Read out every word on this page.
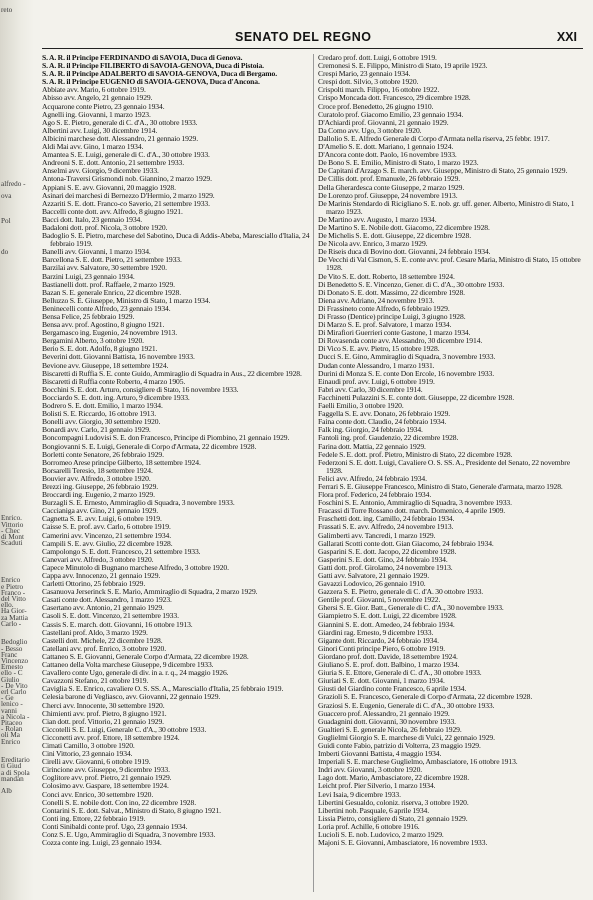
reto
alfredo -
ova
Pol
do
Enrico.
Vittorio
- Chec
di Mont
Scaduti
Enrico
e Pietro
Franco -
del Vitto
ello.
Ha Gior-
za Mattia
Carlo -
Bedoglio
- Besso
Franc
Vincenzo
Ernesto
ello - C
Giulio
- De Vito
erl Carlo
- Ge
lenico -
vanni
a Nicola -
Pitaceo
- Rolan
oli Ma
Enrico
Ereditario
ti Giud
a di Spola
mandan
Alb
SENATO DEL REGNO	XXI
S. A. R. il Principe FERDINANDO di SAVOIA, Duca di Genova.
S. A. R. il Principe FILIBERTO di SAVOIA-GENOVA, Duca di Pistoia.
S. A. R. il Principe ADALBERTO di SAVOIA-GENOVA, Duca di Bergamo.
S. A. R. il Principe EUGENIO di SAVOIA-GENOVA, Duca d'Ancona.
Abbiate avv. Mario, 6 ottobre 1919.
Abisso avv. Angelo, 21 gennaio 1929.
Acquarone conte Pietro, 23 gennaio 1934.
Agnelli ing. Giovanni, 1 marzo 1923.
Ago S. E. Pietro, generale di C. d'A., 30 ottobre 1933.
Albertini avv. Luigi, 30 dicembre 1914.
Albicini marchese dott. Alessandro, 21 gennaio 1929.
Aldi Mai avv. Gino, 1 marzo 1934.
Amantea S. E. Luigi, generale di C. d'A., 30 ottobre 1933.
Andreoni S. E. dott. Antonio, 21 settembre 1933.
Anselmi avv. Giorgio, 9 dicembre 1933.
Antona-Traversi Grismondi nob. Giannino, 2 marzo 1929.
Appiani S. E. avv. Giovanni, 20 maggio 1928.
Asinari dei marchesi di Bernezzo D'Hermio, 2 marzo 1929.
Azzariti S. E. dott. Franco-co Saverio, 21 settembre 1933.
Baccelli conte dott. avv. Alfredo, 8 giugno 1921.
Bacci dott. Italo, 23 gennaio 1934.
Badaloni dott. prof. Nicola, 3 ottobre 1920.
Badoglio S. E. Pietro, marchese del Sabotino, Duca di Addis-Abeba, Maresciallo d'Italia, 24 febbraio 1919.
Banelli avv. Giovanni, 1 marzo 1934.
Barcellona S. E. dott. Pietro, 21 settembre 1933.
Barzilai avv. Salvatore, 30 settembre 1920.
Barzini Luigi, 23 gennaio 1934.
Bastianelli dott. prof. Raffaele, 2 marzo 1929.
Bazan S. E. generale Enrico, 22 dicembre 1928.
Belluzzo S. E. Giuseppe, Ministro di Stato, 1 marzo 1934.
Beninecelli conte Alfredo, 23 gennaio 1934.
Bensa Felice, 25 febbraio 1929.
Bensa avv. prof. Agostino, 8 giugno 1921.
Bergamasco ing. Eugenio, 24 novembre 1913.
Bergamini Alberto, 3 ottobre 1920.
Berio S. E. dott. Adolfo, 8 giugno 1921.
Beverini dott. Giovanni Battista, 16 novembre 1933.
Bevione avv. Giuseppe, 18 settembre 1924.
Biscaretti di Ruffia S. E. conte Guido, Ammiraglio di Squadra in Aus., 22 dicembre 1928.
Biscaretti di Ruffia conte Roberto, 4 marzo 1905.
Bocchini S. E. dott. Arturo, consigliere di Stato, 16 novembre 1933.
Bocciardo S. E. dott. ing. Arturo, 9 dicembre 1933.
Bodrero S. E. dott. Emilio, 1 marzo 1934.
Bolisti S. E. Riccardo, 16 ottobre 1913.
Bonelli avv. Giorgio, 30 settembre 1920.
Bonardi avv. Carlo, 21 gennaio 1929.
Boncompagni Ludovisi S. E. don Francesco, Principe di Piombino, 21 gennaio 1929.
Bongiovanni S. E. Luigi, Generale di Corpo d'Armata, 22 dicembre 1928.
Borletti conte Senatore, 26 febbraio 1929.
Borromeo Arese principe Gilberto, 18 settembre 1924.
Borsarelli Teresio, 18 settembre 1924.
Bouvier avv. Alfredo, 3 ottobre 1920.
Brezzi ing. Giuseppe, 26 febbraio 1929.
Broccardi ing. Eugenio, 2 marzo 1929.
Burzagli S. E. Ernesto, Ammiraglio di Squadra, 3 novembre 1933.
Caccianiga avv. Gino, 21 gennaio 1929.
Cagnetta S. E. avv. Luigi, 6 ottobre 1919.
Caisse S. E. prof. avv. Carlo, 6 ottobre 1919.
Camerini avv. Vincenzo, 21 settembre 1934.
Campili S. E. avv. Giulio, 22 dicembre 1928.
Campolongo S. E. dott. Francesco, 21 settembre 1933.
Canevari avv. Alfredo, 3 ottobre 1920.
Capece Minutolo di Bugnano marchese Alfredo, 3 ottobre 1920.
Cappa avv. Innocenzo, 21 gennaio 1929.
Carletti Ottorino, 25 febbraio 1929.
Casanuova Jerserinck S. E. Mario, Ammiraglio di Squadra, 2 marzo 1929.
Casati conte dott. Alessandro, 1 marzo 1923.
Casertano avv. Antonio, 21 gennaio 1929.
Casoli S. E. dott. Vincenzo, 21 settembre 1933.
Cassis S. E. march. dott. Giovanni, 16 ottobre 1913.
Castellani prof. Aldo, 3 marzo 1929.
Castelli dott. Michele, 22 dicembre 1928.
Catellani avv. prof. Enrico, 3 ottobre 1920.
Cattaneo S. E. Giovanni, Generale Corpo d'Armata, 22 dicembre 1928.
Cattaneo della Volta marchese Giuseppe, 9 dicembre 1933.
Cavallero conte Ugo, generale di div. in a. r. q., 24 maggio 1926.
Cavazzoni Stefano, 21 ottobre 1919.
Caviglia S. E. Enrico, cavaliere O. S. SS. A., Maresciallo d'Italia, 25 febbraio 1919.
Celesia barone di Vegliasco, avv. Giovanni, 22 gennaio 1929.
Cherci avv. Innocente, 30 settembre 1920.
Chimienti avv. prof. Pietro, 8 giugno 1921.
Cian dott. prof. Vittorio, 21 gennaio 1929.
Ciccotelli S. E. Luigi, Generale C. d'A., 30 ottobre 1933.
Cicconetti avv. prof. Ettore, 18 settembre 1924.
Cimati Camillo, 3 ottobre 1920.
Cini Vittorio, 23 gennaio 1934.
Cirelli avv. Giovanni, 6 ottobre 1919.
Cirincione avv. Giuseppe, 9 dicembre 1933.
Coglitore avv. prof. Pietro, 21 gennaio 1929.
Colosimo avv. Gaspare, 18 settembre 1924.
Conci avv. Enrico, 30 settembre 1920.
Conelli S. E. nobile dott. Con ino, 22 dicembre 1928.
Contarini S. E. dott. Salvat., Ministro di Stato, 8 giugno 1921.
Conti ing. Ettore, 22 febbraio 1919.
Conti Sinibaldi conte prof. Ugo, 23 gennaio 1934.
Conz S. E. Ugo, Ammiraglio di Squadra, 3 novembre 1933.
Cozza conte ing. Luigi, 23 gennaio 1934.
Credaro prof. dott. Luigi, 6 ottobre 1919.
Cremonesi S. E. Filippo, Ministro di Stato, 19 aprile 1923.
Crespi Mario, 23 gennaio 1934.
Crespi dott. Silvio, 3 ottobre 1920.
Crispolti march. Filippo, 16 ottobre 1922.
Crispo Moncada dott. Francesco, 29 dicembre 1928.
Croce prof. Benedetto, 26 giugno 1910.
Curatolo prof. Giacomo Emilio, 23 gennaio 1934.
D'Achiardi prof. Giovanni, 21 gennaio 1929.
Da Como avv. Ugo, 3 ottobre 1920.
Dallolio S. E. Alfredo Generale di Corpo d'Armata nella riserva, 25 febbr. 1917.
D'Amelio S. E. dott. Mariano, 1 gennaio 1924.
D'Ancora conte dott. Paolo, 16 novembre 1933.
De Bono S. E. Emilio, Ministro di Stato, 1 marzo 1923.
De Capitani d'Arzago S. E. march. avv. Giuseppe, Ministro di Stato, 25 gennaio 1929.
De Cillis dott. prof. Emanuele, 26 febbraio 1929.
Della Gherardesca conte Giuseppe, 2 marzo 1929.
De Lorenzo prof. Giuseppe, 24 novembre 1913.
De Marinis Stendardo di Ricigliano S. E. nob. gr. uff. gener. Alberto, Ministro di Stato, 1 marzo 1923.
De Martino avv. Augusto, 1 marzo 1934.
De Martino S. E. Nobile dott. Giacomo, 22 dicembre 1928.
De Michelis S. E. dott. Giuseppe, 22 dicembre 1928.
De Nicola avv. Enrico, 3 marzo 1929.
De Riseis duca di Bovino dott. Giovanni, 24 febbraio 1934.
De Vecchi di Val Cismon, S. E. conte avv. prof. Cesare Maria, Ministro di Stato, 15 ottobre 1928.
De Vito S. E. dott. Roberto, 18 settembre 1924.
Di Benedetto S. E. Vincenzo, Gener. di C. d'A., 30 ottobre 1933.
Di Donato S. E. dott. Massimo, 22 dicembre 1928.
Diena avv. Adriano, 24 novembre 1913.
Di Frassineto conte Alfredo, 6 febbraio 1929.
Di Frasso (Dentice) principe Luigi, 3 giugno 1928.
Di Marzo S. E. prof. Salvatore, 1 marzo 1934.
Di Mirafiori Guerrieri conte Gastone, 1 marzo 1934.
Di Rovasenda conte avv. Alessandro, 30 dicembre 1914.
Di Vico S. E. avv. Pietro, 15 ottobre 1928.
Ducci S. E. Gino, Ammiraglio di Squadra, 3 novembre 1933.
Dudan conte Alessandro, 1 marzo 1931.
Durini di Monza S. E. conte Don Ercole, 16 novembre 1933.
Einaudi prof. avv. Luigi, 6 ottobre 1919.
Fabri avv. Carlo, 30 dicembre 1914.
Facchinetti Pulazzini S. E. conte dott. Giuseppe, 22 dicembre 1928.
Faelli Emilio, 3 ottobre 1920.
Faggella S. E. avv. Donato, 26 febbraio 1929.
Faina conte dott. Claudio, 24 febbraio 1934.
Falk ing. Giorgio, 24 febbraio 1934.
Fantoli ing. prof. Gaudenzio, 22 dicembre 1928.
Farina dott. Mattia, 22 gennaio 1929.
Fedele S. E. dott. prof. Pietro, Ministro di Stato, 22 dicembre 1928.
Federzoni S. E. dott. Luigi, Cavaliere O. S. SS. A., Presidente del Senato, 22 novembre 1928.
Felici avv. Alfredo, 24 febbraio 1934.
Ferrari S. E. Giuseppe Francesco, Ministro di Stato, Generale d'armata, marzo 1928.
Flora prof. Federico, 24 febbraio 1934.
Foschini S. E. Antonio, Ammiraglio di Squadra, 3 novembre 1933.
Fracassi di Torre Rossano dott. march. Domenico, 4 aprile 1909.
Fraschetti dott. ing. Camillo, 24 febbraio 1934.
Frassati S. E. avv. Alfredo, 24 novembre 1913.
Galimberti avv. Tancredi, 1 marzo 1929.
Gallarati Scotti conte dott. Gian Giacomo, 24 febbraio 1934.
Gasparini S. E. dott. Jacopo, 22 dicembre 1928.
Gasperini S. E. dott. Gino, 24 febbraio 1934.
Gatti dott. prof. Girolamo, 24 novembre 1913.
Gatti avv. Salvatore, 21 gennaio 1929.
Gavazzi Lodovico, 26 gennaio 1910.
Gazzera S. E. Pietro, generale di C. d'A. 30 ottobre 1933.
Gentile prof. Giovanni, 5 novembre 1922.
Ghersi S. E. Gior. Batt., Generale di C. d'A., 30 novembre 1933.
Giampietro S. E. dott. Luigi, 22 dicembre 1928.
Giannini S. E. dott. Amedeo, 24 febbraio 1934.
Giardini rag. Ernesto, 9 dicembre 1933.
Gigante dott. Riccardo, 24 febbraio 1934.
Ginori Conti principe Piero, 6 ottobre 1919.
Giordano prof. dott. Davide, 18 settembre 1924.
Giuliano S. E. prof. dott. Balbino, 1 marzo 1934.
Giuria S. E. Ettore, Generale di C. d'A., 30 ottobre 1933.
Giuriati S. E. dott. Giovanni, 1 marzo 1934.
Giusti del Giardino conte Francesco, 6 aprile 1934.
Grazioli S. E. Francesco, Generale di Corpo d'Armata, 22 dicembre 1928.
Graziosi S. E. Eugenio, Generale di C. d'A., 30 ottobre 1933.
Guaccero prof. Alessandro, 21 gennaio 1929.
Guadagnini dott. Giovanni, 30 novembre 1933.
Gualtieri S. E. generale Nicola, 26 febbraio 1929.
Guglielmi Giorgio S. E. marchese di Vulci, 22 gennaio 1929.
Guidi conte Fabio, patrizio di Volterra, 23 maggio 1929.
Imberti Giovanni Battista, 4 maggio 1934.
Imperiali S. E. marchese Guglielmo, Ambasciatore, 16 ottobre 1913.
Indri avv. Giovanni, 3 ottobre 1920.
Lago dott. Mario, Ambasciatore, 22 dicembre 1928.
Leicht prof. Pier Silverio, 1 marzo 1934.
Levi Isaia, 9 dicembre 1933.
Libertini Gesualdo, coloniz. riserva, 3 ottobre 1920.
Libertini nob. Pasquale, 6 aprile 1934.
Lissia Pietro, consigliere di Stato, 21 gennaio 1929.
Loria prof. Achille, 6 ottobre 1916.
Lucioli S. E. nob. Ludovico, 2 marzo 1929.
Majoni S. E. Giovanni, Ambasciatore, 16 novembre 1933.
